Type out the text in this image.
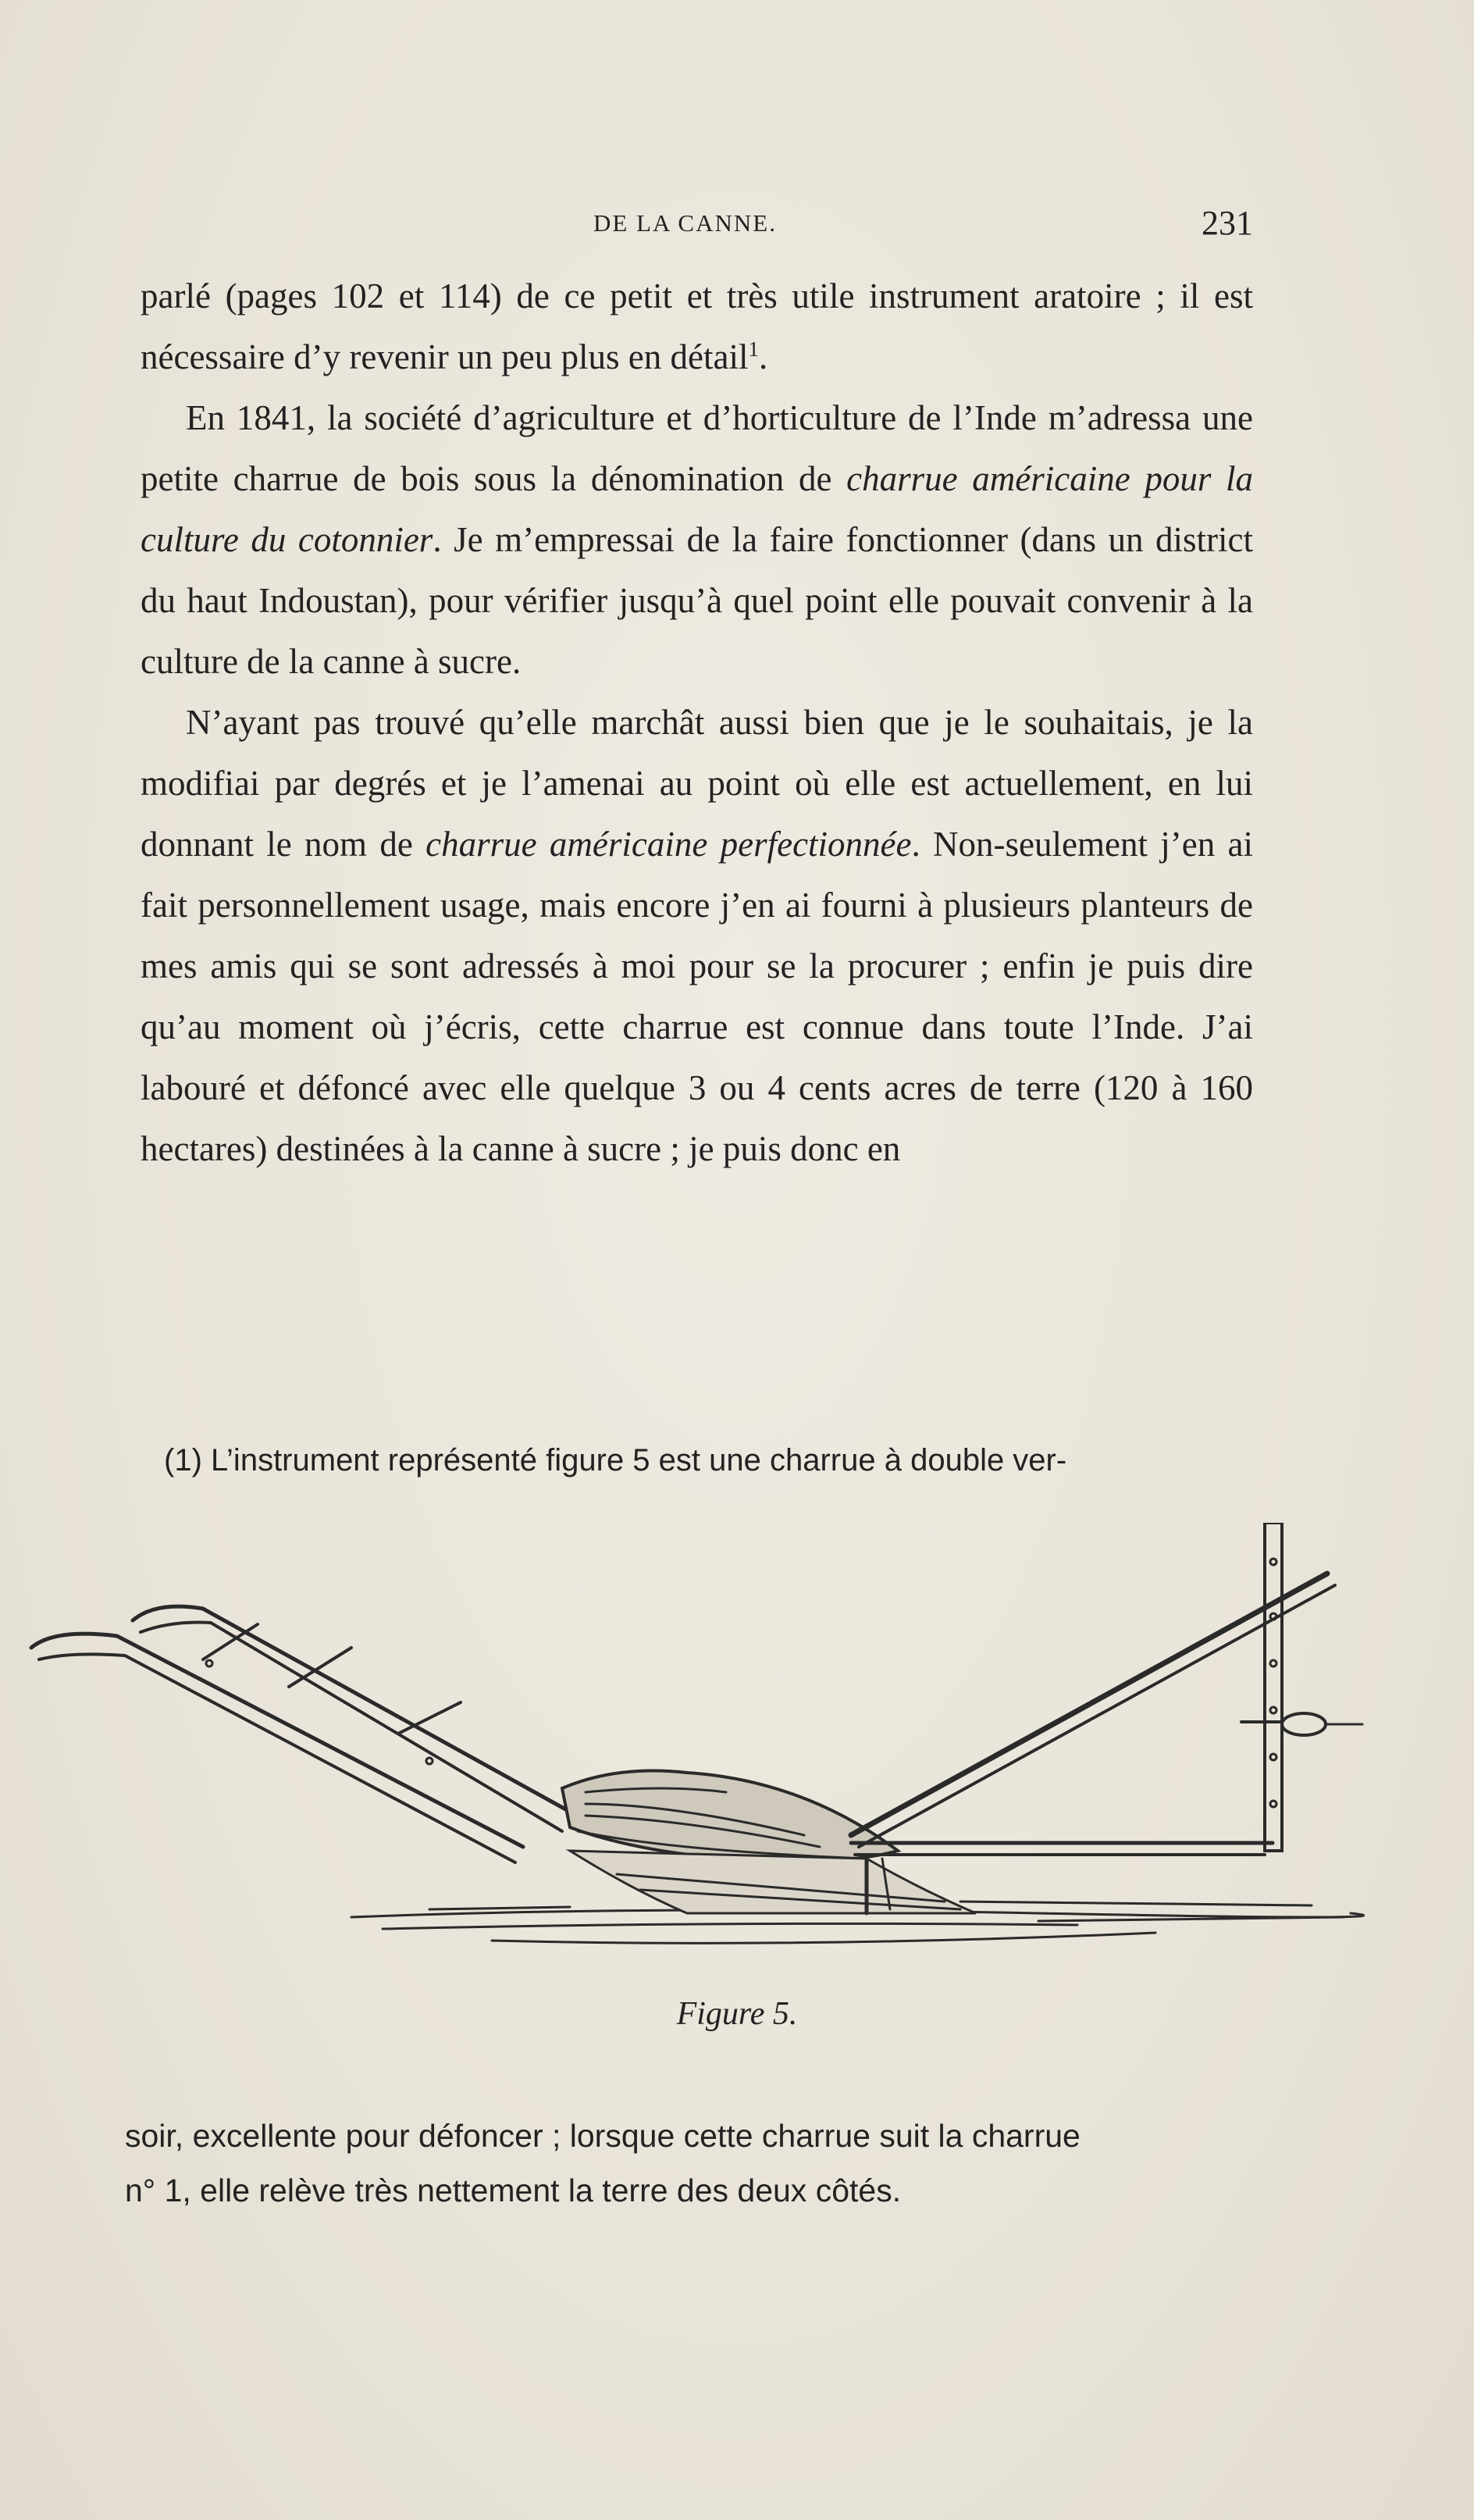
DE LA CANNE.	231

parlé (pages 102 et 114) de ce petit et très utile instrument aratoire ; il est nécessaire d’y revenir un peu plus en détail$^1$.

En 1841, la société d’agriculture et d’horticulture de l’Inde m’adressa une petite charrue de bois sous la dénomination de charrue américaine pour la culture du cotonnier. Je m’empressai de la faire fonctionner (dans un district du haut Indoustan), pour vérifier jusqu’à quel point elle pouvait convenir à la culture de la canne à sucre.

N’ayant pas trouvé qu’elle marchât aussi bien que je le souhaitais, je la modifiai par degrés et je l’amenai au point où elle est actuellement, en lui donnant le nom de charrue américaine perfectionnée. Non-seulement j’en ai fait personnellement usage, mais encore j’en ai fourni à plusieurs planteurs de mes amis qui se sont adressés à moi pour se la procurer ; enfin je puis dire qu’au moment où j’écris, cette charrue est connue dans toute l’Inde. J’ai labouré et défoncé avec elle quelque 3 ou 4 cents acres de terre (120 à 160 hectares) destinées à la canne à sucre ; je puis donc en

(1) L’instrument représenté figure 5 est une charrue à double ver-
Figure 5.

soir, excellente pour défoncer ; lorsque cette charrue suit la charrue

n° 1, elle relève très nettement la terre des deux côtés.
